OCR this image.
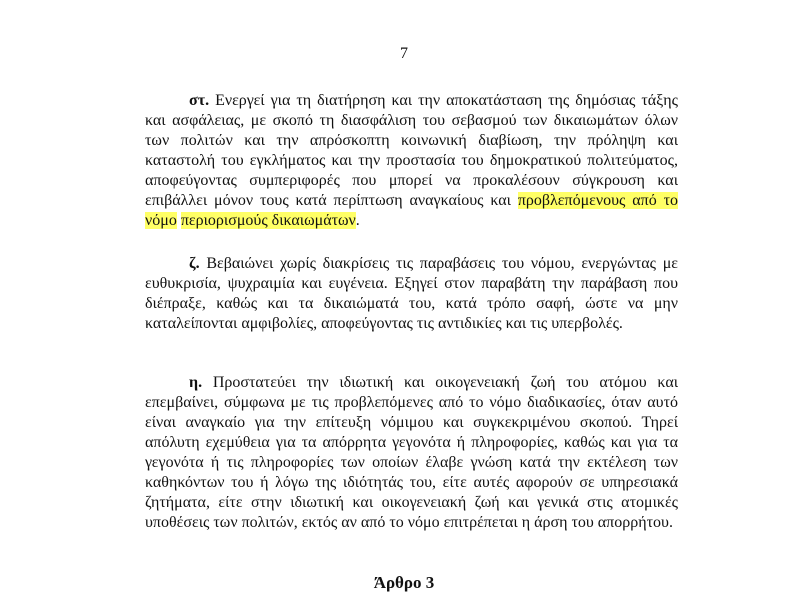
7
στ. Ενεργεί για τη διατήρηση και την αποκατάσταση της δημόσιας τάξης και ασφάλειας, με σκοπό τη διασφάλιση του σεβασμού των δικαιωμάτων όλων των πολιτών και την απρόσκοπτη κοινωνική διαβίωση, την πρόληψη και καταστολή του εγκλήματος και την προστασία του δημοκρατικού πολιτεύματος, αποφεύγοντας συμπεριφορές που μπορεί να προκαλέσουν σύγκρουση και επιβάλλει μόνον τους κατά περίπτωση αναγκαίους και προβλεπόμενους από το νόμο περιορισμούς δικαιωμάτων.
ζ. Βεβαιώνει χωρίς διακρίσεις τις παραβάσεις του νόμου, ενεργώντας με ευθυκρισία, ψυχραιμία και ευγένεια. Εξηγεί στον παραβάτη την παράβαση που διέπραξε, καθώς και τα δικαιώματά του, κατά τρόπο σαφή, ώστε να μην καταλείπονται αμφιβολίες, αποφεύγοντας τις αντιδικίες και τις υπερβολές.
η. Προστατεύει την ιδιωτική και οικογενειακή ζωή του ατόμου και επεμβαίνει, σύμφωνα με τις προβλεπόμενες από το νόμο διαδικασίες, όταν αυτό είναι αναγκαίο για την επίτευξη νόμιμου και συγκεκριμένου σκοπού. Τηρεί απόλυτη εχεμύθεια για τα απόρρητα γεγονότα ή πληροφορίες, καθώς και για τα γεγονότα ή τις πληροφορίες των οποίων έλαβε γνώση κατά την εκτέλεση των καθηκόντων του ή λόγω της ιδιότητάς του, είτε αυτές αφορούν σε υπηρεσιακά ζητήματα, είτε στην ιδιωτική και οικογενειακή ζωή και γενικά στις ατομικές υποθέσεις των πολιτών, εκτός αν από το νόμο επιτρέπεται η άρση του απορρήτου.
Άρθρο 3
